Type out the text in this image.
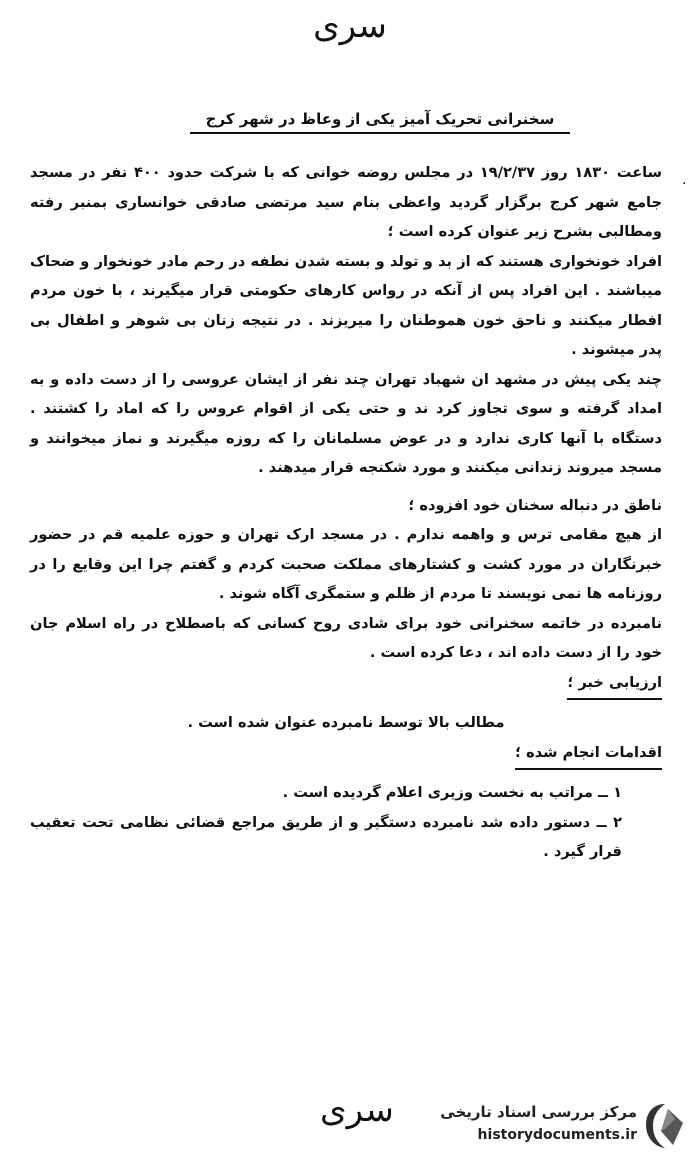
سری
.
سخنرانی تحریک آمیز یکی از وعاظ در شهر کرج

ساعت ۱۸۳۰ روز ۱۹/۲/۳۷ در مجلس روضه خوانی که با شرکت حدود ۴۰۰ نفر در مسجد جامع شهر کرج برگزار گردید واعظی بنام سید مرتضی صادقی خوانساری بمنبر رفته ومطالبی بشرح زیر عنوان کرده است ؛

افراد خونخواری هستند که از بد و تولد و بسته شدن نطفه در رحم مادر خونخوار و ضحاک میباشند . این افراد پس از آنکه در رواس کارهای حکومتی قرار میگیرند ، با خون مردم افطار میکنند و ناحق خون هموطنان را میریزند . در نتیجه زنان بی شوهر و اطفال بی پدر میشوند .

چند یکی پیش در مشهد ان شهباد تهران چند نفر از ایشان عروسی را از دست داده و به امداد گرفته و سوی تجاوز کرد ند و حتی یکی از اقوام عروس را که اماد را کشتند . دستگاه با آنها کاری ندارد و در عوض مسلمانان را که روزه میگیرند و نماز میخوانند و مسجد میروند زندانی میکنند و مورد شکنجه قرار میدهند .

ناطق در دنباله سخنان خود افزوده ؛

از هیچ مقامی ترس و واهمه ندارم . در مسجد ارک تهران و حوزه علمیه قم در حضور خبرنگاران در مورد کشت و کشتارهای مملکت صحبت کردم و گفتم چرا این وقایع را در روزنامه ها نمی نویسند تا مردم از ظلم و ستمگری آگاه شوند .

نامبرده در خاتمه سخنرانی خود برای شادی روح کسانی که باصطلاح در راه اسلام جان خود را از دست داده اند ، دعا کرده است .

ارزیابی خبر ؛

مطالب بالا توسط نامبرده عنوان شده است .

اقدامات انجام شده ؛

۱ ــ مراتب به نخست وزیری اعلام گردیده است .

۲ ــ دستور داده شد نامبرده دستگیر و از طریق مراجع قضائی نظامی تحت تعقیب قرار گیرد .

سری	مرکز بررسی اسناد تاریخی
historydocuments.ir
